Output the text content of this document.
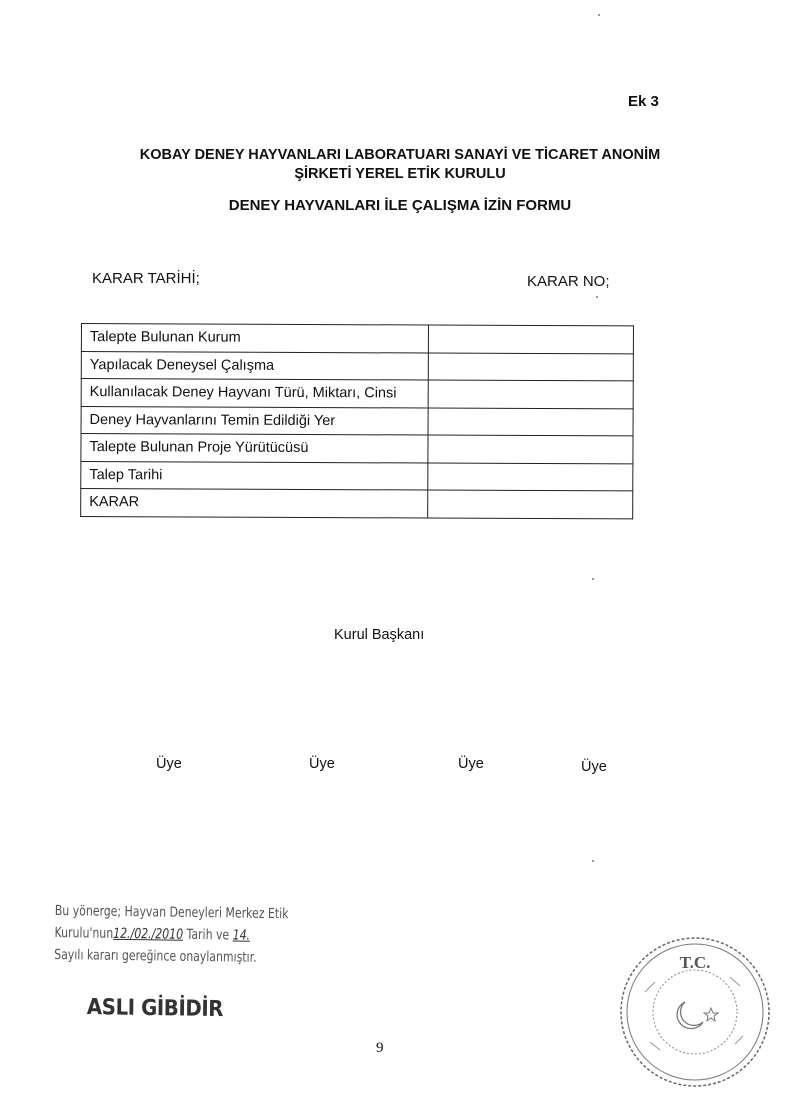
Ek 3
KOBAY DENEY HAYVANLARI LABORATUARI SANAYİ VE TİCARET ANONİM
ŞİRKETİ YEREL ETİK KURULU
DENEY HAYVANLARI İLE ÇALIŞMA İZİN FORMU
KARAR TARİHİ;	KARAR NO;
Talepte Bulunan Kurum	
Yapılacak Deneysel Çalışma	
Kullanılacak Deney Hayvanı Türü, Miktarı, Cinsi	
Deney Hayvanlarını Temin Edildiği Yer	
Talepte Bulunan Proje Yürütücüsü	
Talep Tarihi	
KARAR	
Kurul Başkanı
Üye	Üye	Üye	Üye
Bu yönerge; Hayvan Deneyleri Merkez Etik
Kurulu'nun12./02./2010 Tarih ve 14.
Sayılı kararı gereğince onaylanmıştır.
ASLI GİBİDİR
9
T.C.
